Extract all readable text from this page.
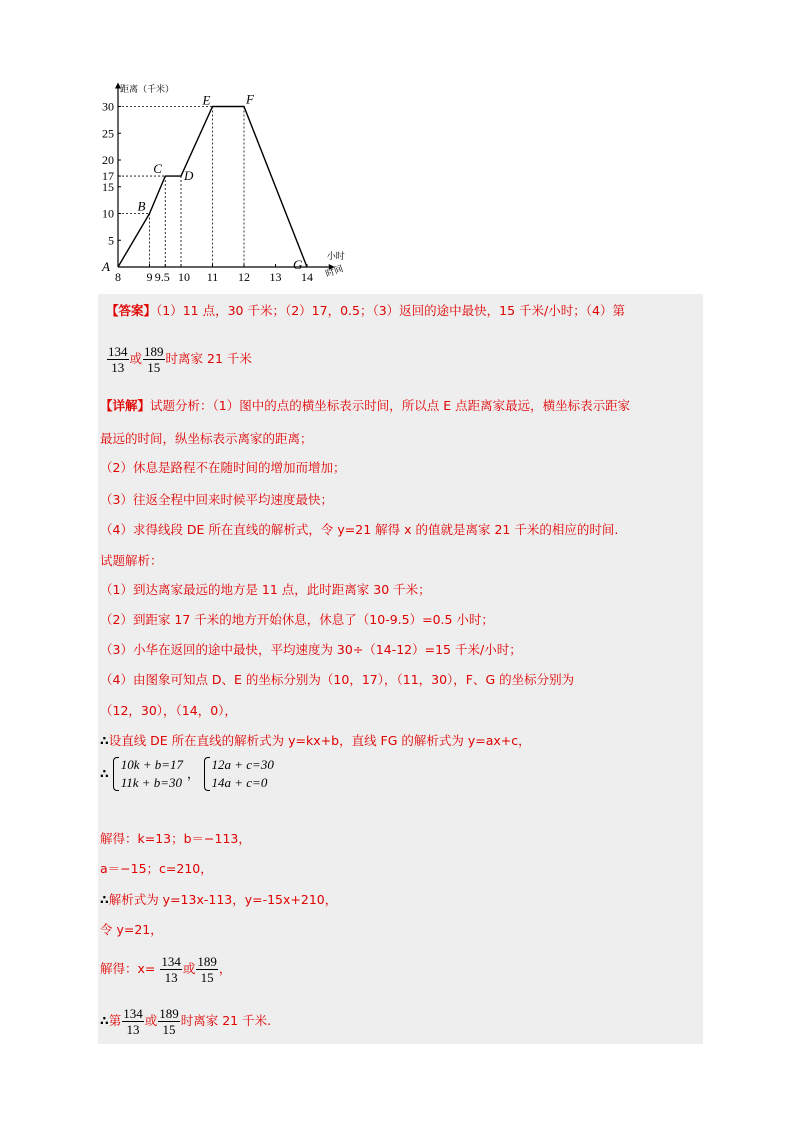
距离（千米）
小时
时间
5
10
15
17
20
25
30
8 9 9.5 10 11 12 13 14
A
B
C D
E	F
G
【答案】（1）11 点，30 千米；（2）17，0.5；（3）返回的途中最快，15 千米/小时；（4）第
$\frac{134}{13}$ 或 $\frac{189}{15}$ 时离家 21 千米
【详解】试题分析：（1）图中的点的横坐标表示时间，所以点 E 点距离家最远，横坐标表示距家
最远的时间，纵坐标表示离家的距离；
（2）休息是路程不在随时间的增加而增加；
（3）往返全程中回来时候平均速度最快；
（4）求得线段 DE 所在直线的解析式，令 y=21 解得 x 的值就是离家 21 千米的相应的时间.
试题解析：
（1）到达离家最远的地方是 11 点，此时距离家 30 千米；
（2）到距家 17 千米的地方开始休息，休息了（10-9.5）=0.5 小时；
（3）小华在返回的途中最快，平均速度为 30÷（14-12）=15 千米/小时；
（4）由图象可知点 D、E 的坐标分别为（10，17），（11，30），F、G 的坐标分别为
（12，30），（14，0），
∴设直线 DE 所在直线的解析式为 y=kx+b，直线 FG 的解析式为 y=ax+c，
∴
10k + b=17
11k + b=30
，
12a + c=30
14a + c=0
解得：k=13；b＝−113，
a＝−15；c=210，
∴解析式为 y=13x-113，y=-15x+210，
令 y=21，
解得：$x= \frac{134}{13}$ 或 $\frac{189}{15}$ ，
∴第 $\frac{134}{13}$ 或 $\frac{189}{15}$ 时离家 21 千米.
